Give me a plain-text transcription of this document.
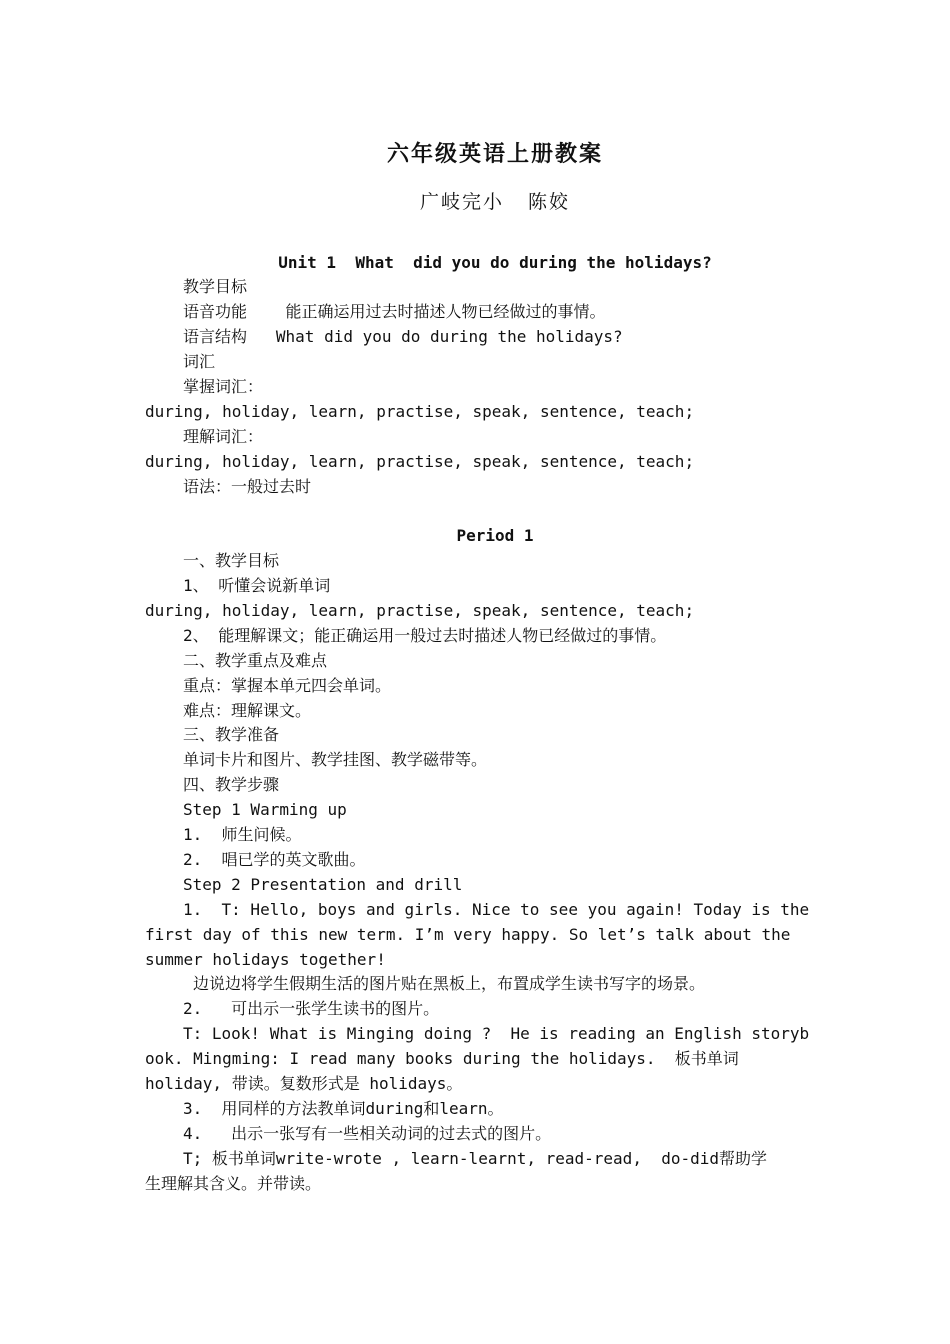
六年级英语上册教案
广岐完小   陈姣
Unit 1  What  did you do during the holidays?
教学目标
语音功能    能正确运用过去时描述人物已经做过的事情。
语言结构   What did you do during the holidays?
词汇
掌握词汇：
during, holiday, learn, practise, speak, sentence, teach;
理解词汇：
during, holiday, learn, practise, speak, sentence, teach;
语法：一般过去时
Period 1
一、教学目标
1、 听懂会说新单词
during, holiday, learn, practise, speak, sentence, teach;
2、 能理解课文；能正确运用一般过去时描述人物已经做过的事情。
二、教学重点及难点
重点：掌握本单元四会单词。
难点：理解课文。
三、教学准备
单词卡片和图片、教学挂图、教学磁带等。
四、教学步骤
Step 1 Warming up
1.  师生问候。
2.  唱已学的英文歌曲。
Step 2 Presentation and drill
1.  T: Hello, boys and girls. Nice to see you again! Today is the
first day of this new term. I’m very happy. So let’s talk about the
summer holidays together!
边说边将学生假期生活的图片贴在黑板上，布置成学生读书写字的场景。
2.   可出示一张学生读书的图片。
T: Look! What is Minging doing ?  He is reading an English storyb
ook. Mingming: I read many books during the holidays.  板书单词
holiday, 带读。复数形式是 holidays。
3.  用同样的方法教单词during和learn。
4.   出示一张写有一些相关动词的过去式的图片。
T; 板书单词write-wrote , learn-learnt, read-read,  do-did帮助学
生理解其含义。并带读。
